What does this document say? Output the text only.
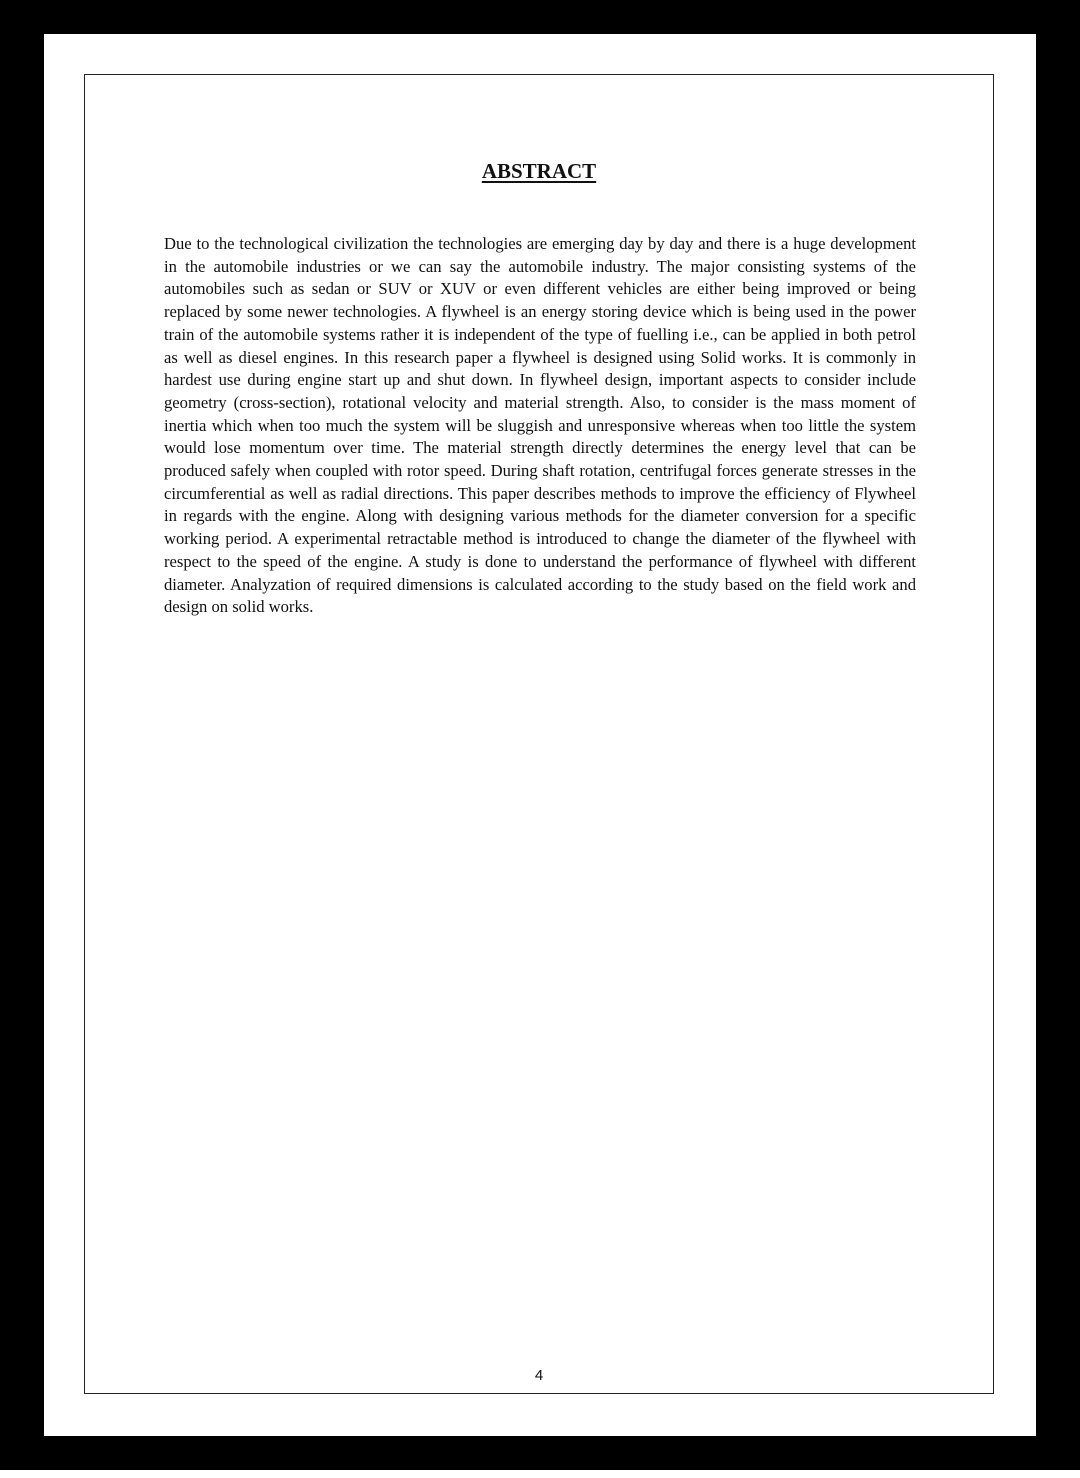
ABSTRACT

Due to the technological civilization the technologies are emerging day by day and there is a huge development in the automobile industries or we can say the automobile industry. The major consisting systems of the automobiles such as sedan or SUV or XUV or even different vehicles are either being improved or being replaced by some newer technologies. A flywheel is an energy storing device which is being used in the power train of the automobile systems rather it is independent of the type of fuelling i.e., can be applied in both petrol as well as diesel engines. In this research paper a flywheel is designed using Solid works. It is commonly in hardest use during engine start up and shut down. In flywheel design, important aspects to consider include geometry (cross-section), rotational velocity and material strength. Also, to consider is the mass moment of inertia which when too much the system will be sluggish and unresponsive whereas when too little the system would lose momentum over time. The material strength directly determines the energy level that can be produced safely when coupled with rotor speed. During shaft rotation, centrifugal forces generate stresses in the circumferential as well as radial directions. This paper describes methods to improve the efficiency of Flywheel in regards with the engine. Along with designing various methods for the diameter conversion for a specific working period. A experimental retractable method is introduced to change the diameter of the flywheel with respect to the speed of the engine. A study is done to understand the performance of flywheel with different diameter. Analyzation of required dimensions is calculated according to the study based on the field work and design on solid works.

4
